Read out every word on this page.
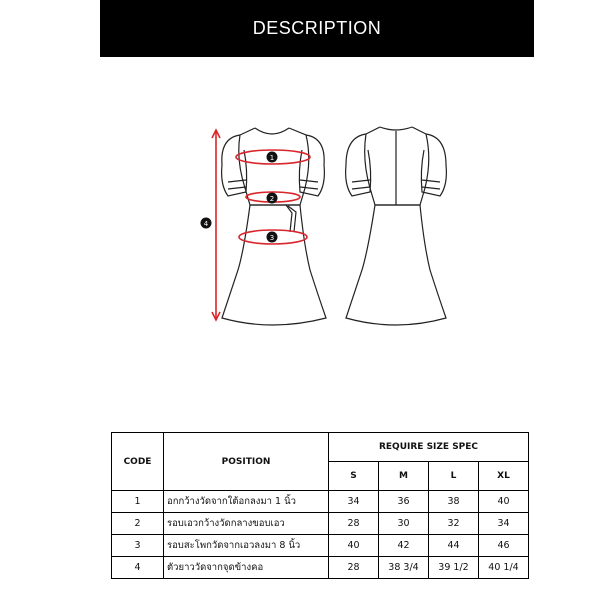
DESCRIPTION
1
2
3
4
CODE	POSITION	REQUIRE SIZE SPEC			
		S	M	L	XL
1	อกกว้างวัดจากใต้อกลงมา 1 นิ้ว	34	36	38	40
2	รอบเอวกว้างวัดกลางขอบเอว	28	30	32	34
3	รอบสะโพกวัดจากเอวลงมา 8 นิ้ว	40	42	44	46
4	ตัวยาววัดจากจุดข้างคอ	28	38 3/4	39 1/2	40 1/4
